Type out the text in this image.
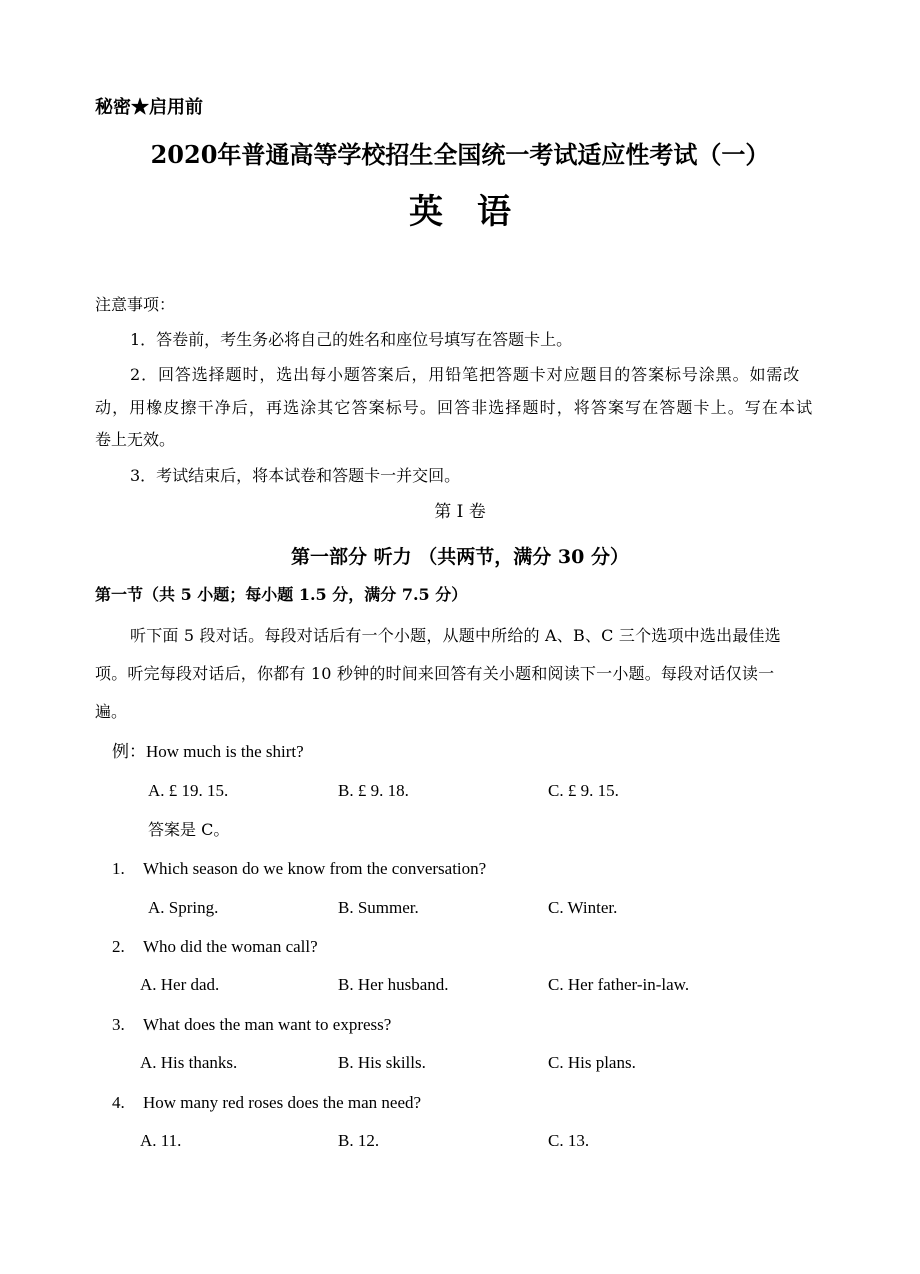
秘密★启用前
2020年普通高等学校招生全国统一考试适应性考试（一）
英　语
注意事项：
1．答卷前，考生务必将自己的姓名和座位号填写在答题卡上。
2．回答选择题时，选出每小题答案后，用铅笔把答题卡对应题目的答案标号涂黑。如需改
动，用橡皮擦干净后，再选涂其它答案标号。回答非选择题时，将答案写在答题卡上。写在本试
卷上无效。
3．考试结束后，将本试卷和答题卡一并交回。
第 I 卷
第一部分 听力 （共两节，满分 30 分）
第一节（共 5 小题；每小题 1.5 分，满分 7.5 分）
听下面 5 段对话。每段对话后有一个小题，从题中所给的 A、B、C 三个选项中选出最佳选
项。听完每段对话后，你都有 10 秒钟的时间来回答有关小题和阅读下一小题。每段对话仅读一
遍。
例：How much is the shirt?
A. £ 19. 15.	B. £ 9. 18.	C. £ 9. 15.
答案是 C。
1. Which season do we know from the conversation?
A. Spring.	B. Summer.	C. Winter.
2. Who did the woman call?
A. Her dad.	B. Her husband.	C. Her father-in-law.
3. What does the man want to express?
A. His thanks.	B. His skills.	C. His plans.
4. How many red roses does the man need?
A. 11.	B. 12.	C. 13.
